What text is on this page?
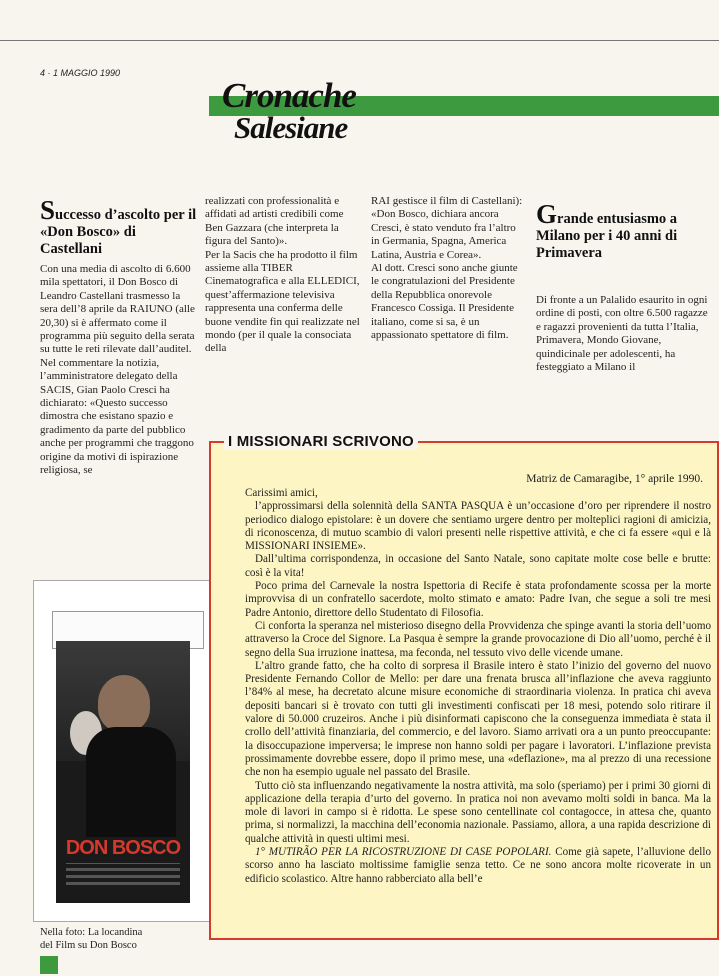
4 · 1 MAGGIO 1990
Cronache
Salesiane
Successo d’ascolto per il «Don Bosco» di Castellani

Con una media di ascolto di 6.600 mila spettatori, il Don Bosco di Leandro Castellani trasmesso la sera dell’8 aprile da RAIUNO (alle 20,30) si è affermato come il programma più seguito della serata su tutte le reti rilevate dall’auditel.

Nel commentare la notizia, l’amministratore delegato della SACIS, Gian Paolo Cresci ha dichiarato: «Questo successo dimostra che esistano spazio e gradimento da parte del pubblico anche per programmi che traggono origine da motivi di ispirazione religiosa, se

realizzati con professionalità e affidati ad artisti credibili come Ben Gazzara (che interpreta la figura del Santo)».

Per la Sacis che ha prodotto il film assieme alla TIBER Cinematografica e alla ELLEDICI, quest’affermazione televisiva rappresenta una conferma delle buone vendite fin qui realizzate nel mondo (per il quale la consociata della

RAI gestisce il film di Castellani): «Don Bosco, dichiara ancora Cresci, è stato venduto fra l’altro in Germania, Spagna, America Latina, Austria e Corea».

Al dott. Cresci sono anche giunte le congratulazioni del Presidente della Repubblica onorevole Francesco Cossiga. Il Presidente italiano, come si sa, è un appassionato spettatore di film.

Grande entusiasmo a Milano per i 40 anni di Primavera

Di fronte a un Palalido esaurito in ogni ordine di posti, con oltre 6.500 ragazze e ragazzi provenienti da tutta l’Italia, Primavera, Mondo Giovane, quindicinale per adolescenti, ha festeggiato a Milano il

DON BOSCO
Nella foto: La locandina
del Film su Don Bosco
Matriz de Camaragibe, 1° aprile 1990.

Carissimi amici,

l’approssimarsi della solennità della SANTA PASQUA è un’occasione d’oro per riprendere il nostro periodico dialogo epistolare: è un dovere che sentiamo urgere dentro per molteplici ragioni di amicizia, di riconoscenza, di mutuo scambio di valori presenti nelle rispettive attività, e che ci fa essere «qui e là MISSIONARI INSIEME».

Dall’ultima corrispondenza, in occasione del Santo Natale, sono capitate molte cose belle e brutte: così è la vita!

Poco prima del Carnevale la nostra Ispettoria di Recife è stata profondamente scossa per la morte improvvisa di un confratello sacerdote, molto stimato e amato: Padre Ivan, che segue a soli tre mesi Padre Antonio, direttore dello Studentato di Filosofia.

Ci conforta la speranza nel misterioso disegno della Provvidenza che spinge avanti la storia dell’uomo attraverso la Croce del Signore. La Pasqua è sempre la grande provocazione di Dio all’uomo, perché è il segno della Sua irruzione inattesa, ma feconda, nel tessuto vivo delle vicende umane.

L’altro grande fatto, che ha colto di sorpresa il Brasile intero è stato l’inizio del governo del nuovo Presidente Fernando Collor de Mello: per dare una frenata brusca all’inflazione che aveva raggiunto l’84% al mese, ha decretato alcune misure economiche di straordinaria violenza. In pratica chi aveva depositi bancari si è trovato con tutti gli investimenti confiscati per 18 mesi, potendo solo ritirare il valore di 50.000 cruzeiros. Anche i più disinformati capiscono che la conseguenza immediata è stata il crollo dell’attività finanziaria, del commercio, e del lavoro. Siamo arrivati ora a un punto preoccupante: la disoccupazione imperversa; le imprese non hanno soldi per pagare i lavoratori. L’inflazione prevista prossimamente dovrebbe essere, dopo il primo mese, una «deflazione», ma al prezzo di una recessione che non ha esempio uguale nel passato del Brasile.

Tutto ciò sta influenzando negativamente la nostra attività, ma solo (speriamo) per i primi 30 giorni di applicazione della terapia d’urto del governo. In pratica noi non avevamo molti soldi in banca. Ma la mole di lavori in campo si è ridotta. Le spese sono centellinate col contagocce, in attesa che, quanto prima, si normalizzi, la macchina dell’economia nazionale. Passiamo, allora, a una rapida descrizione di qualche attività in questi ultimi mesi.

1° MUTIRÃO PER LA RICOSTRUZIONE DI CASE POPOLARI. Come già sapete, l’alluvione dello scorso anno ha lasciato moltissime famiglie senza tetto. Ce ne sono ancora molte ricoverate in un edificio scolastico. Altre hanno rabberciato alla bell’e

I MISSIONARI SCRIVONO
